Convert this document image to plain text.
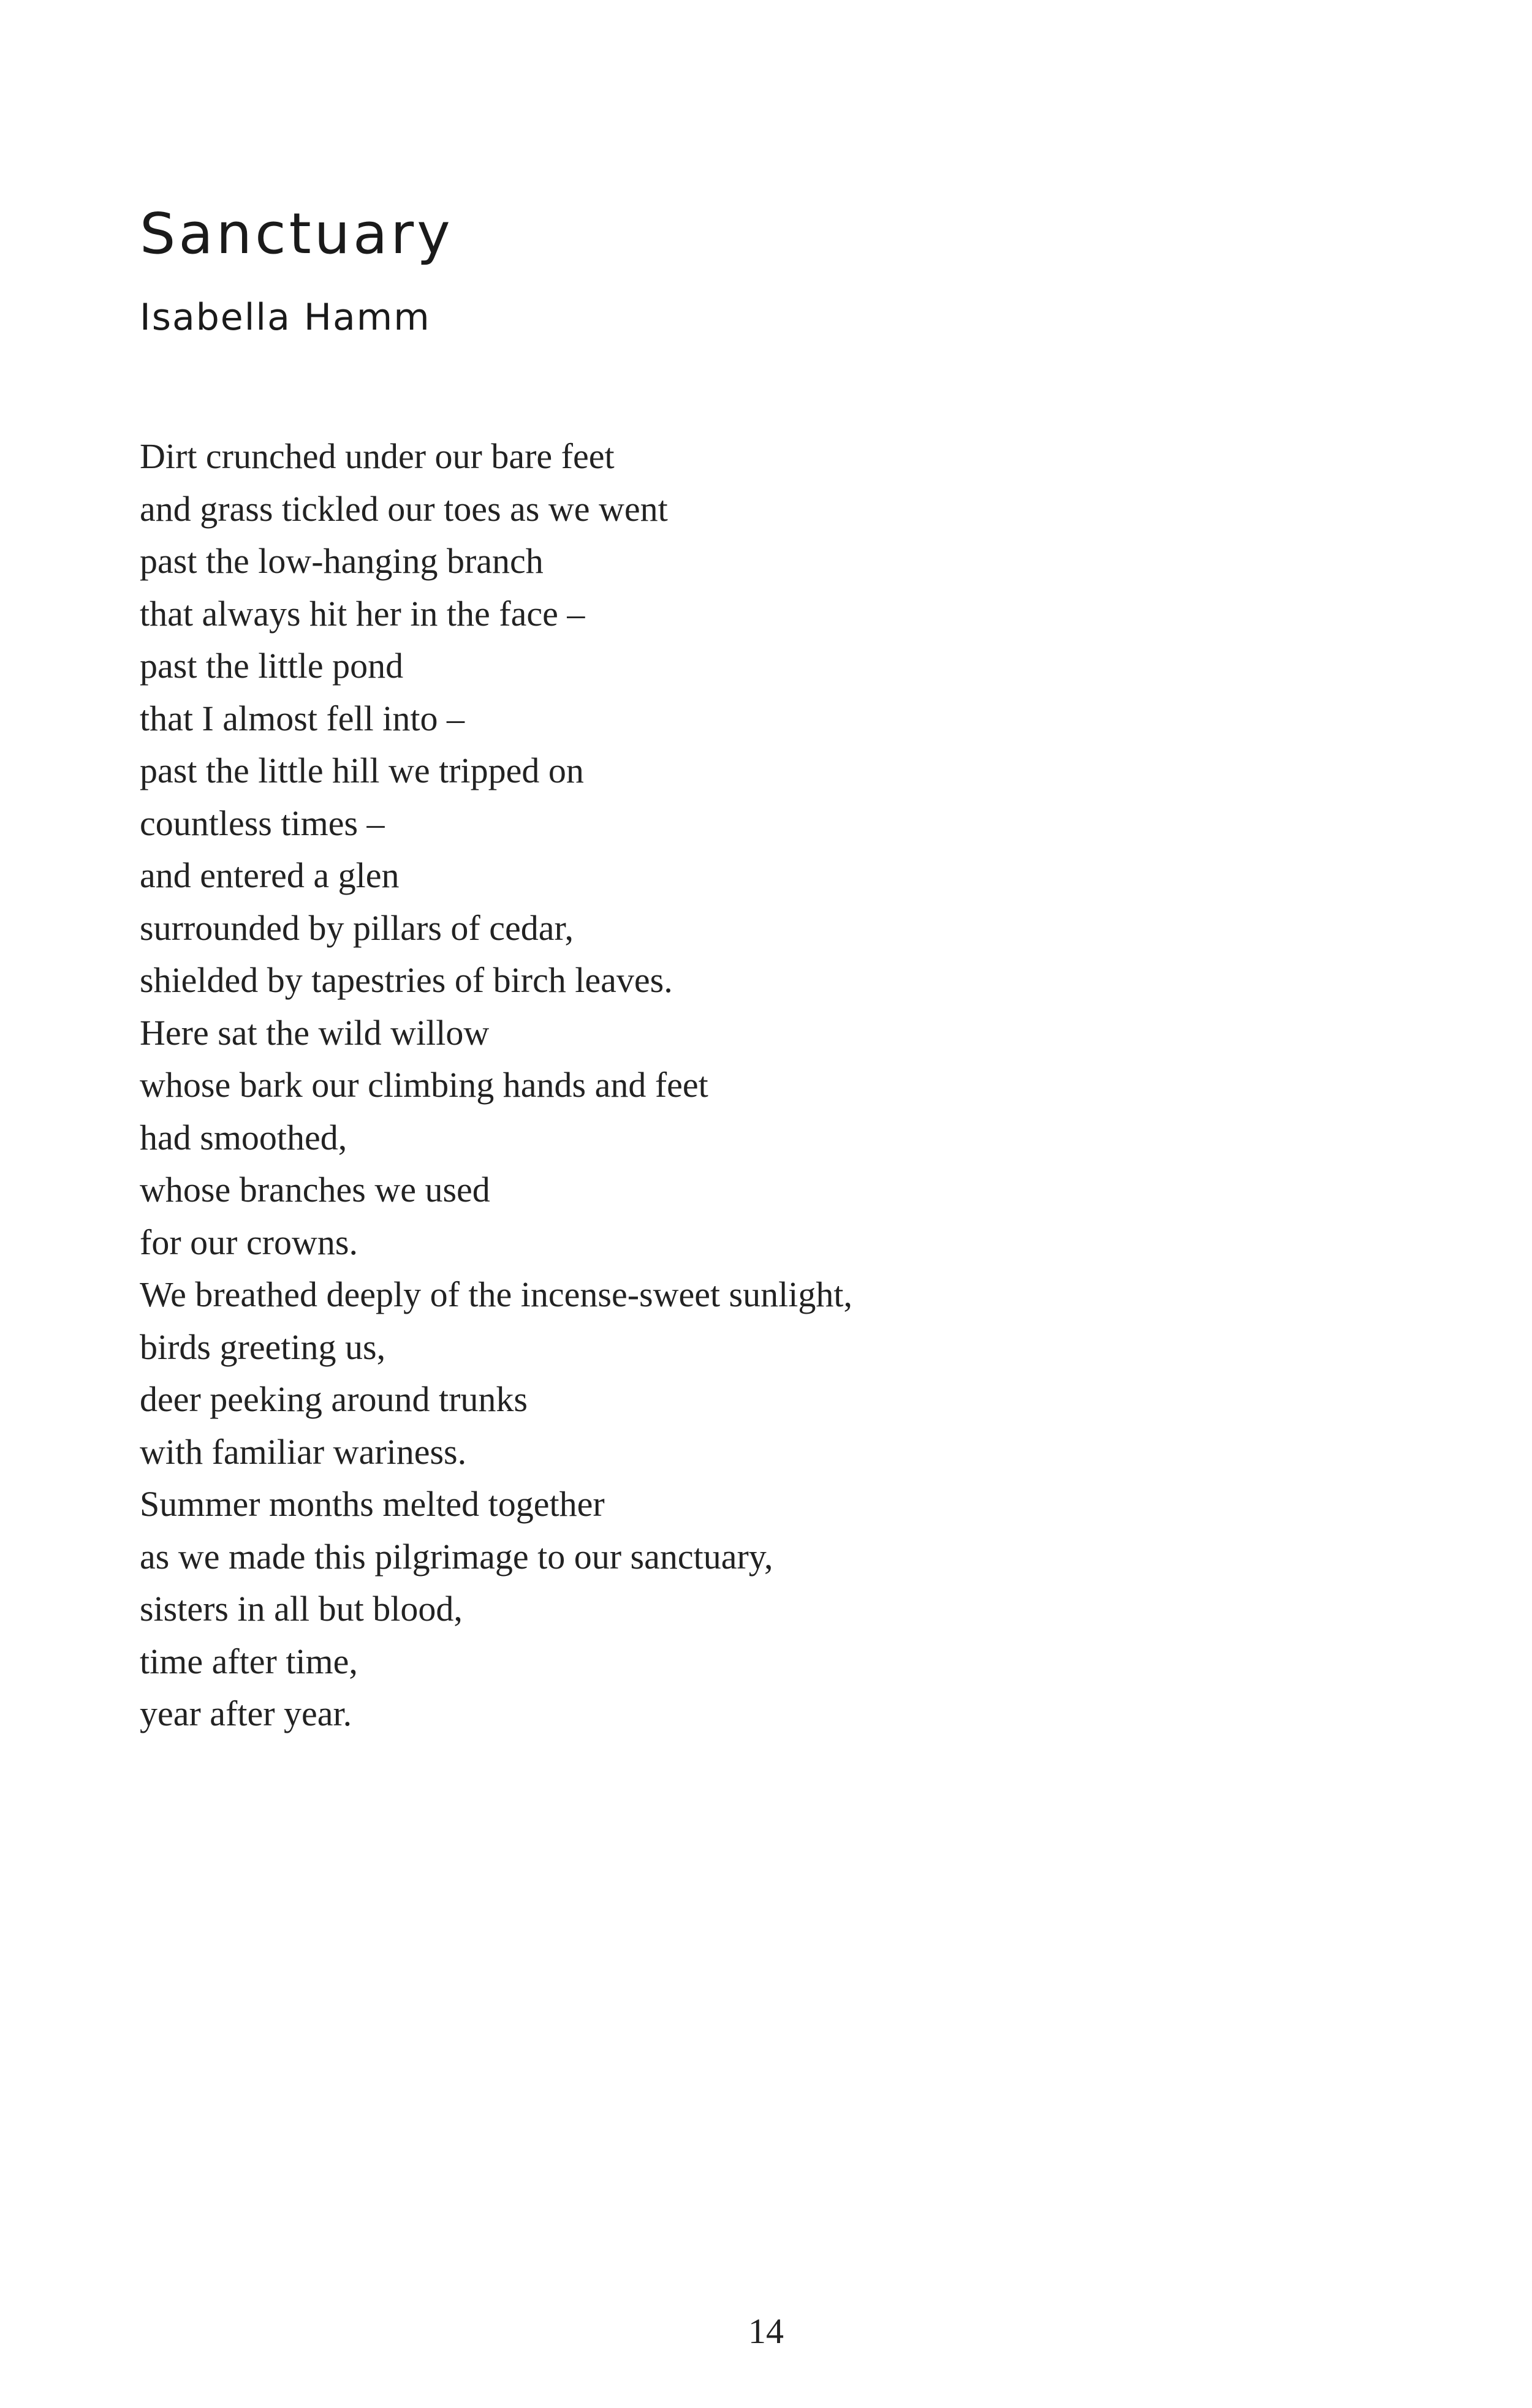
Sanctuary
Isabella Hamm
Dirt crunched under our bare feet
and grass tickled our toes as we went
past the low-hanging branch
that always hit her in the face –
past the little pond
that I almost fell into –
past the little hill we tripped on
countless times –
and entered a glen
surrounded by pillars of cedar,
shielded by tapestries of birch leaves.
Here sat the wild willow
whose bark our climbing hands and feet
had smoothed,
whose branches we used
for our crowns.
We breathed deeply of the incense-sweet sunlight,
birds greeting us,
deer peeking around trunks
with familiar wariness.
Summer months melted together
as we made this pilgrimage to our sanctuary,
sisters in all but blood,
time after time,
year after year.
14
